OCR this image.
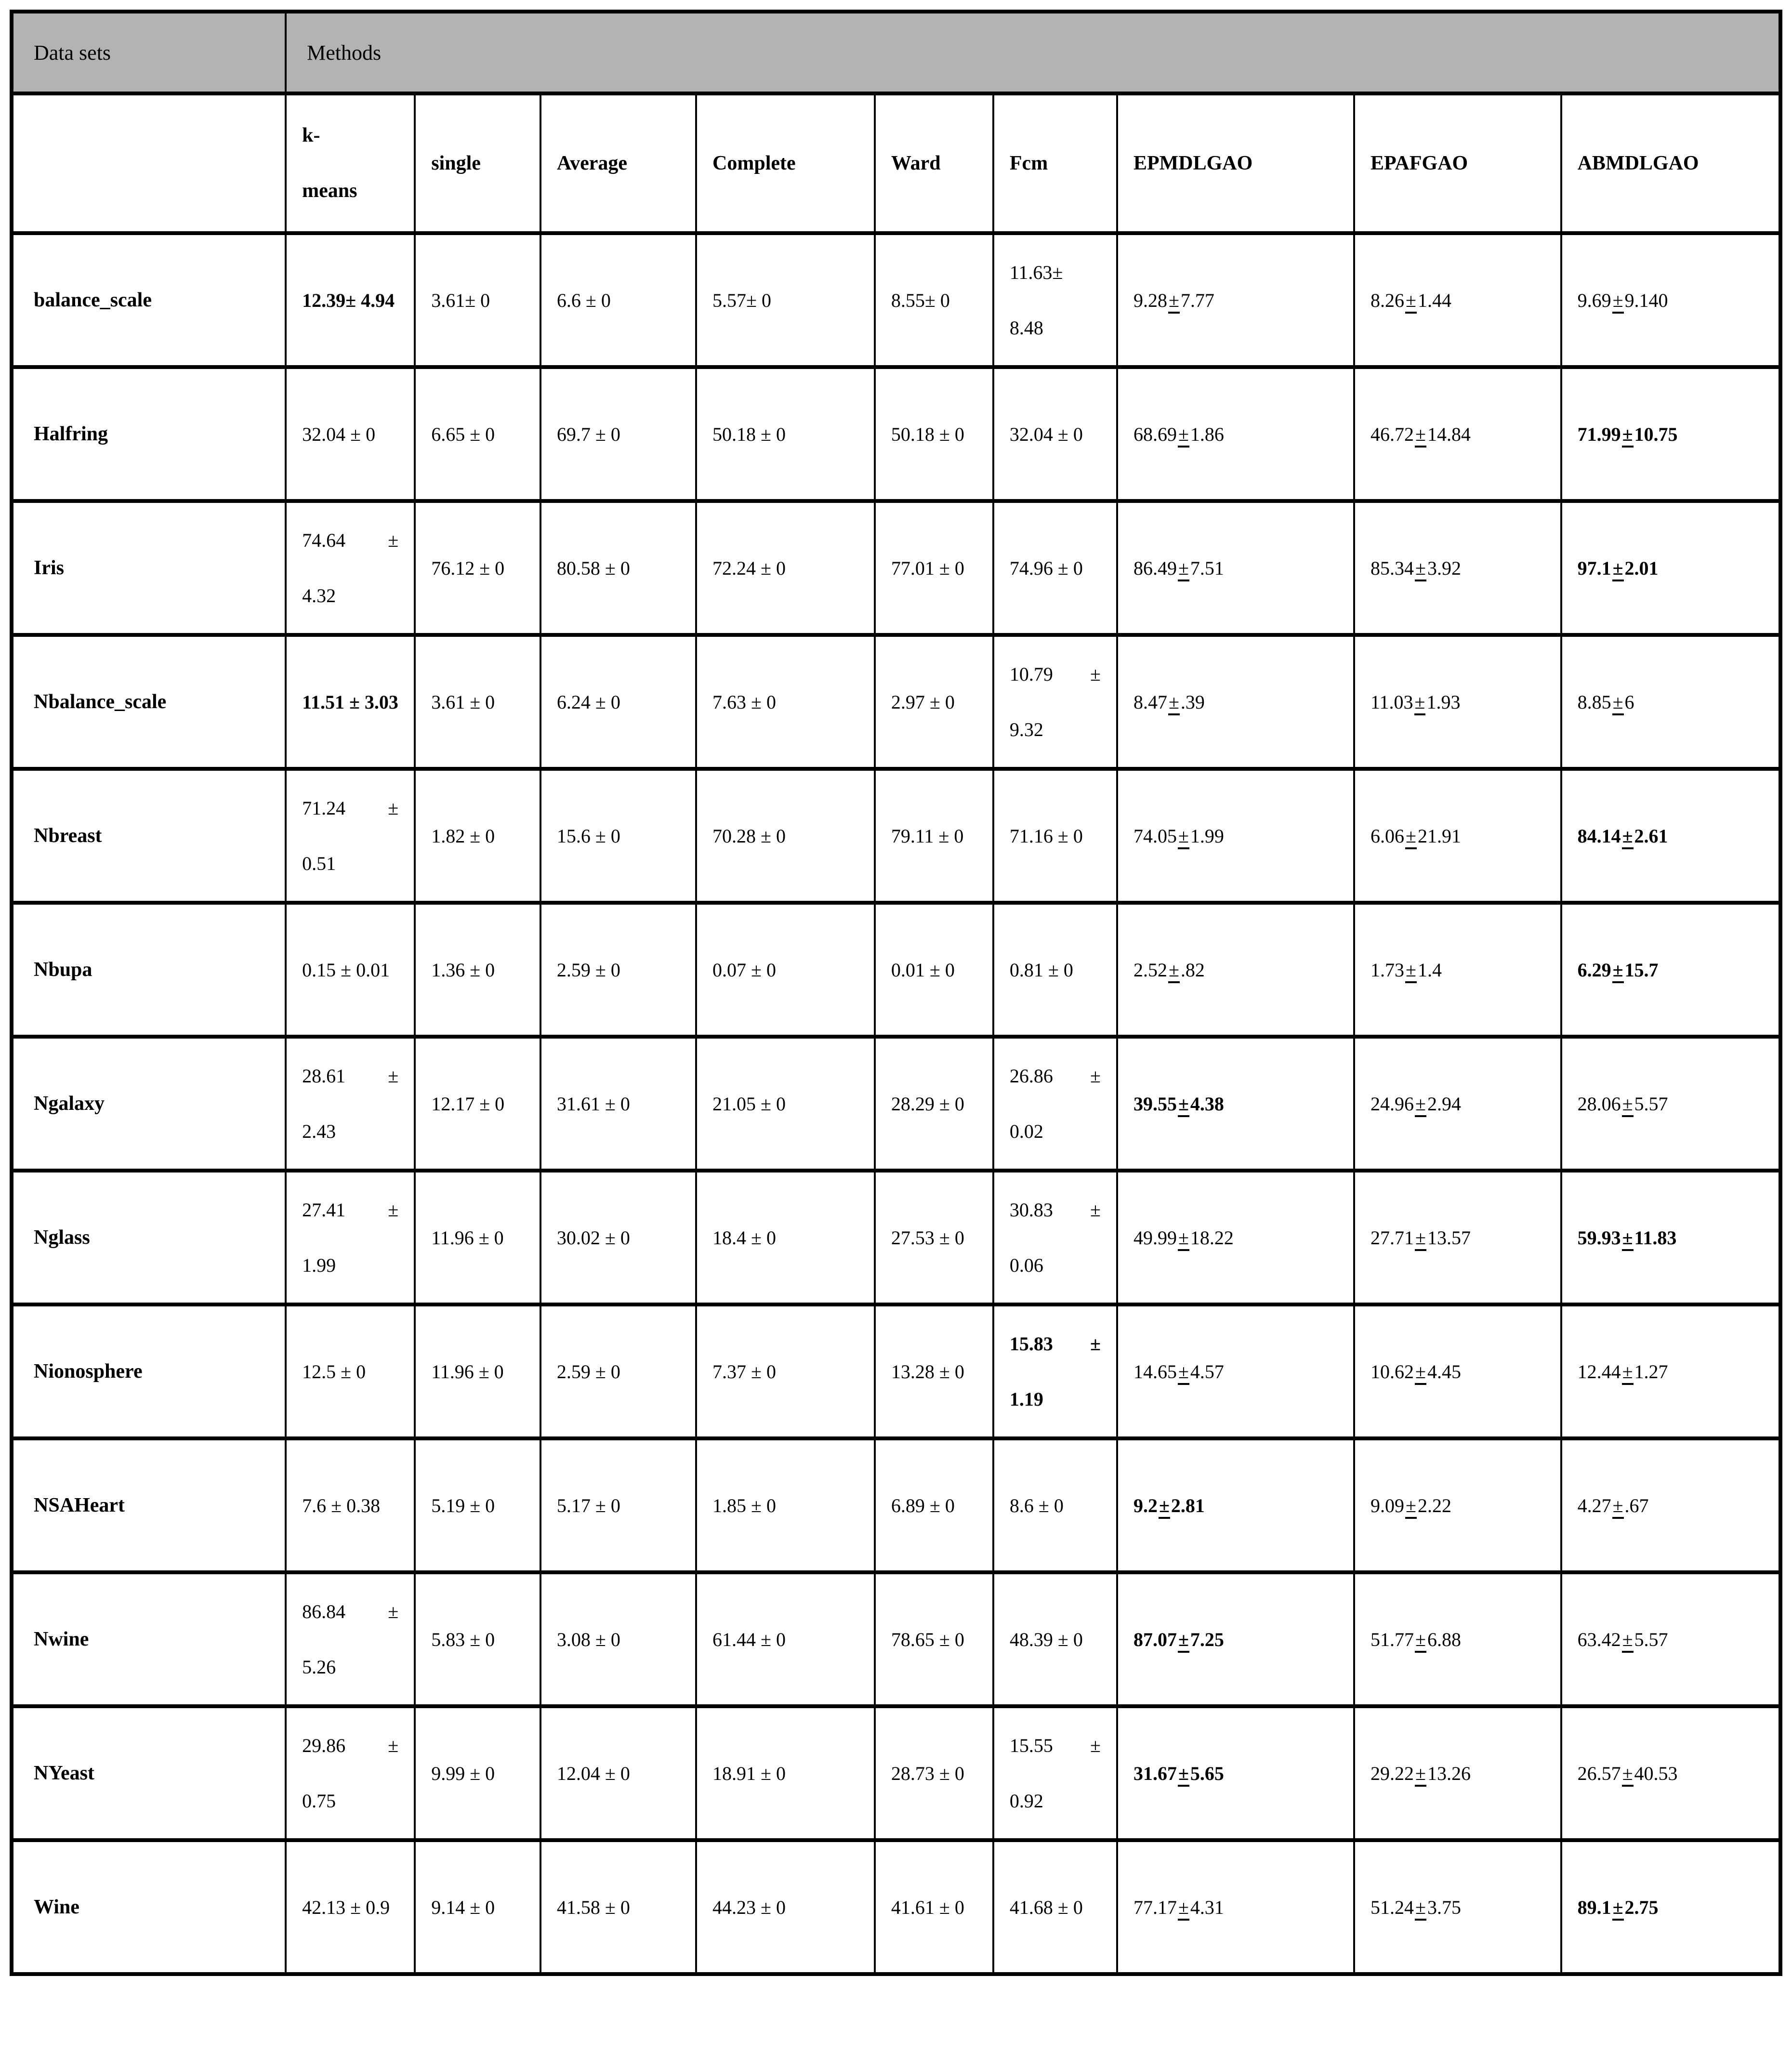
Data sets	Methods								
	k-means	single	Average	Complete	Ward	Fcm	EPMDLGAO	EPAFGAO	ABMDLGAO
balance_scale	12.39± 4.94	3.61± 0	6.6 ± 0	5.57± 0	8.55± 0	11.63± 8.48	9.28±7.77	8.26±1.44	9.69±9.140
Halfring	32.04 ± 0	6.65 ± 0	69.7 ± 0	50.18 ± 0	50.18 ± 0	32.04 ± 0	68.69±1.86	46.72±14.84	71.99±10.75
Iris	74.64 ± 4.32	76.12 ± 0	80.58 ± 0	72.24 ± 0	77.01 ± 0	74.96 ± 0	86.49±7.51	85.34±3.92	97.1±2.01
Nbalance_scale	11.51 ± 3.03	3.61 ± 0	6.24 ± 0	7.63 ± 0	2.97 ± 0	10.79 ± 9.32	8.47±.39	11.03±1.93	8.85±6
Nbreast	71.24 ± 0.51	1.82 ± 0	15.6 ± 0	70.28 ± 0	79.11 ± 0	71.16 ± 0	74.05±1.99	6.06±21.91	84.14±2.61
Nbupa	0.15 ± 0.01	1.36 ± 0	2.59 ± 0	0.07 ± 0	0.01 ± 0	0.81 ± 0	2.52±.82	1.73±1.4	6.29±15.7
Ngalaxy	28.61 ± 2.43	12.17 ± 0	31.61 ± 0	21.05 ± 0	28.29 ± 0	26.86 ± 0.02	39.55±4.38	24.96±2.94	28.06±5.57
Nglass	27.41 ± 1.99	11.96 ± 0	30.02 ± 0	18.4 ± 0	27.53 ± 0	30.83 ± 0.06	49.99±18.22	27.71±13.57	59.93±11.83
Nionosphere	12.5 ± 0	11.96 ± 0	2.59 ± 0	7.37 ± 0	13.28 ± 0	15.83 ± 1.19	14.65±4.57	10.62±4.45	12.44±1.27
NSAHeart	7.6 ± 0.38	5.19 ± 0	5.17 ± 0	1.85 ± 0	6.89 ± 0	8.6 ± 0	9.2±2.81	9.09±2.22	4.27±.67
Nwine	86.84 ± 5.26	5.83 ± 0	3.08 ± 0	61.44 ± 0	78.65 ± 0	48.39 ± 0	87.07±7.25	51.77±6.88	63.42±5.57
NYeast	29.86 ± 0.75	9.99 ± 0	12.04 ± 0	18.91 ± 0	28.73 ± 0	15.55 ± 0.92	31.67±5.65	29.22±13.26	26.57±40.53
Wine	42.13 ± 0.9	9.14 ± 0	41.58 ± 0	44.23 ± 0	41.61 ± 0	41.68 ± 0	77.17±4.31	51.24±3.75	89.1±2.75
